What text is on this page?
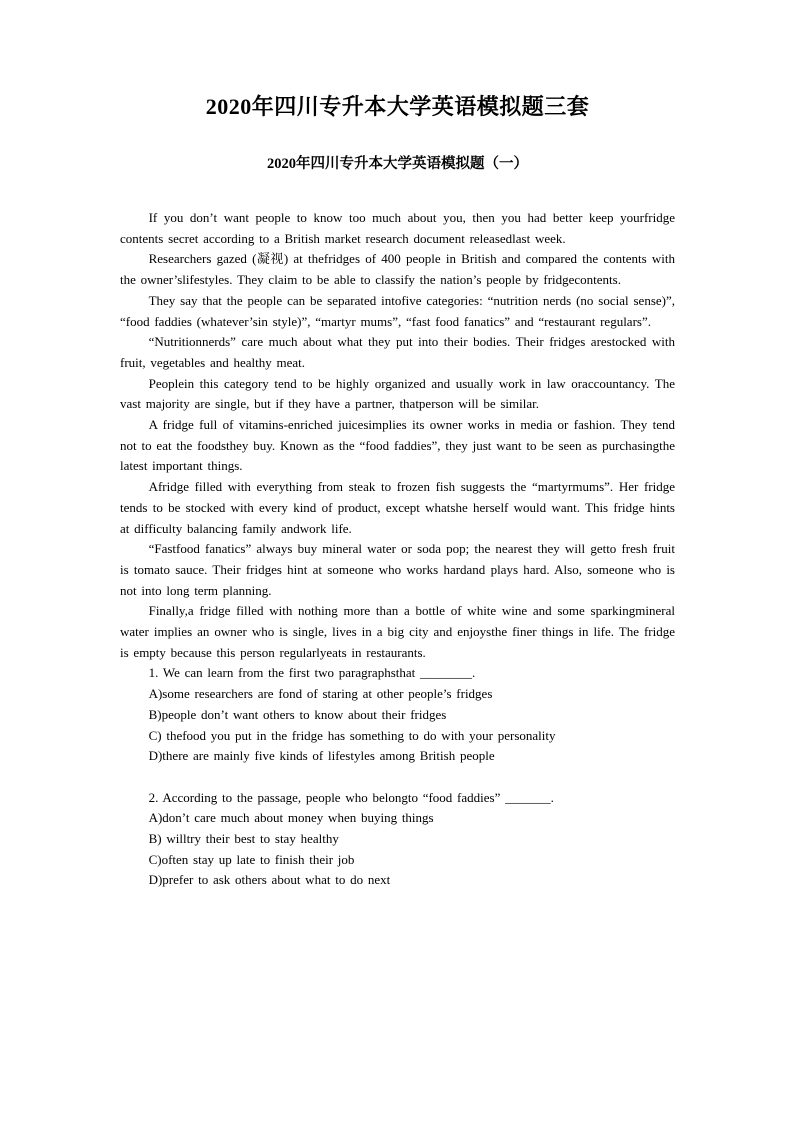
2020年四川专升本大学英语模拟题三套
2020年四川专升本大学英语模拟题（一）

If you don’t want people to know too much about you, then you had better keep yourfridge contents secret according to a British market research document releasedlast week.

Researchers gazed (凝视) at thefridges of 400 people in British and compared the contents with the owner’slifestyles. They claim to be able to classify the nation’s people by fridgecontents.

They say that the people can be separated intofive categories: “nutrition nerds (no social sense)”, “food faddies (whatever’sin style)”, “martyr mums”, “fast food fanatics” and “restaurant regulars”.

“Nutritionnerds” care much about what they put into their bodies. Their fridges arestocked with fruit, vegetables and healthy meat.

Peoplein this category tend to be highly organized and usually work in law oraccountancy. The vast majority are single, but if they have a partner, thatperson will be similar.

A fridge full of vitamins-enriched juicesimplies its owner works in media or fashion. They tend not to eat the foodsthey buy. Known as the “food faddies”, they just want to be seen as purchasingthe latest important things.

Afridge filled with everything from steak to frozen fish suggests the “martyrmums”. Her fridge tends to be stocked with every kind of product, except whatshe herself would want. This fridge hints at difficulty balancing family andwork life.

“Fastfood fanatics” always buy mineral water or soda pop; the nearest they will getto fresh fruit is tomato sauce. Their fridges hint at someone who works hardand plays hard. Also, someone who is not into long term planning.

Finally,a fridge filled with nothing more than a bottle of white wine and some sparkingmineral water implies an owner who is single, lives in a big city and enjoysthe finer things in life. The fridge is empty because this person regularlyeats in restaurants.

1. We can learn from the first two paragraphsthat ________.

A)some researchers are fond of staring at other people’s fridges

B)people don’t want others to know about their fridges

C) thefood you put in the fridge has something to do with your personality

D)there are mainly five kinds of lifestyles among British people

2. According to the passage, people who belongto “food faddies” _______.

A)don’t care much about money when buying things

B) willtry their best to stay healthy

C)often stay up late to finish their job

D)prefer to ask others about what to do next
